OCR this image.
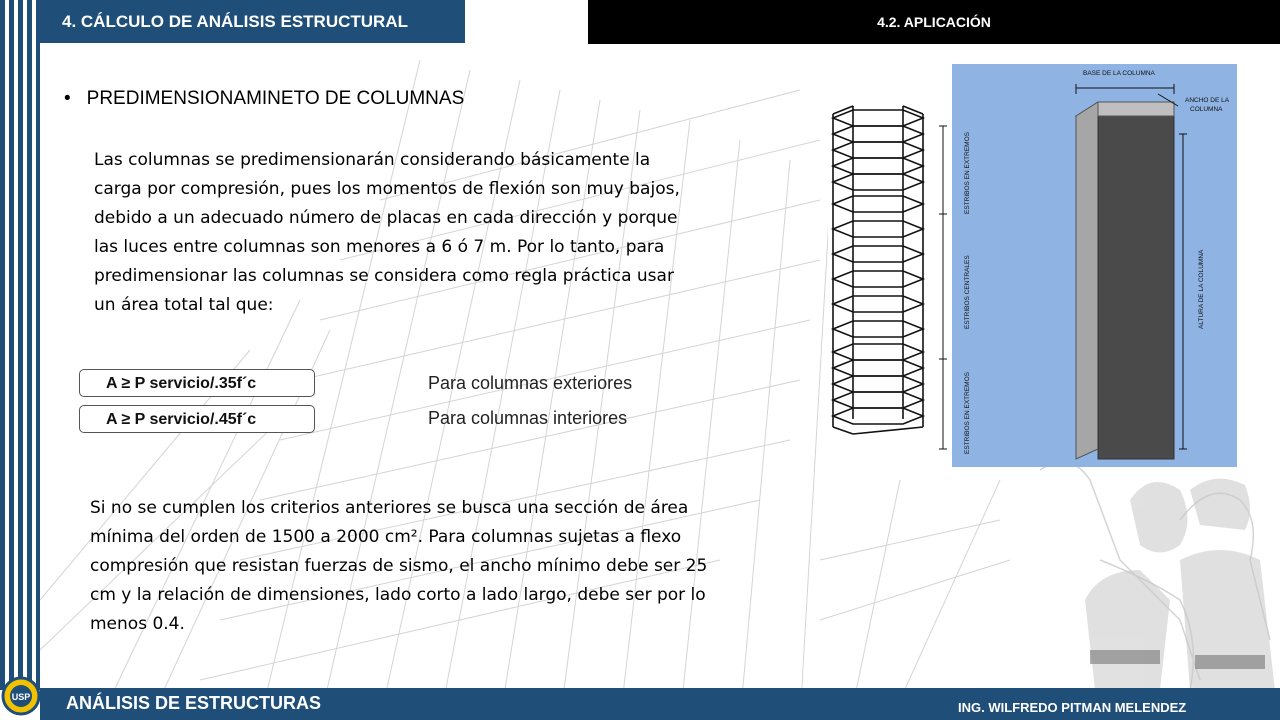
4. CÁLCULO DE ANÁLISIS ESTRUCTURAL	4.2. APLICACIÓN
• PREDIMENSIONAMINETO DE COLUMNAS
Las columnas se predimensionarán considerando básicamente la carga por compresión, pues los momentos de flexión son muy bajos, debido a un adecuado número de placas en cada dirección y porque las luces entre columnas son menores a 6 ó 7 m. Por lo tanto, para predimensionar las columnas se considera como regla práctica usar un área total tal que:
A ≥ P servicio/.35f´c	Para columnas exteriores
A ≥ P servicio/.45f´c	Para columnas interiores
Si no se cumplen los criterios anteriores se busca una sección de área mínima del orden de 1500 a 2000 cm². Para columnas sujetas a flexo compresión que resistan fuerzas de sismo, el ancho mínimo debe ser 25 cm y la relación de dimensiones, lado corto a lado largo, debe ser por lo menos 0.4.
ESTRIBOS EN EXTREMOS
ESTRIBOS CENTRALES
ESTRIBOS EN EXTREMOS
BASE DE LA COLUMNA
ANCHO DE LA
COLUMNA
ALTURA DE LA COLUMNA
ANÁLISIS DE ESTRUCTURAS	ING. WILFREDO PITMAN MELENDEZ
USP
